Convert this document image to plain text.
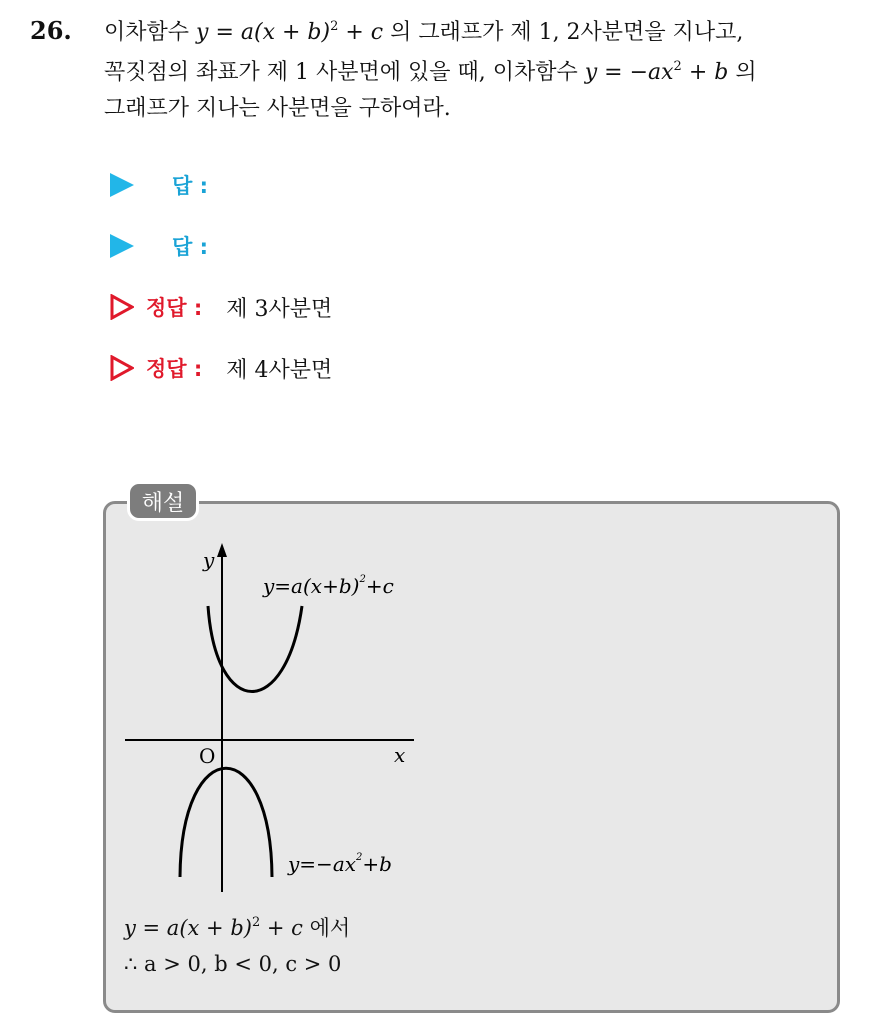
26. 이차함수 $y = a(x + b)^2 + c$ 의 그래프가 제 1, 2사분면을 지나고,
꼭짓점의 좌표가 제 1 사분면에 있을 때, 이차함수 $y = -ax^2 + b$ 의
그래프가 지나는 사분면을 구하여라.
답 :
답 :
정답 : 제 3사분면
정답 : 제 4사분면
해설
y
x
O
$y=a(x+b)^2+c$
$y=-ax^2+b$
$y = a(x + b)^2 + c$ 에서
∴ a > 0, b < 0, c > 0
